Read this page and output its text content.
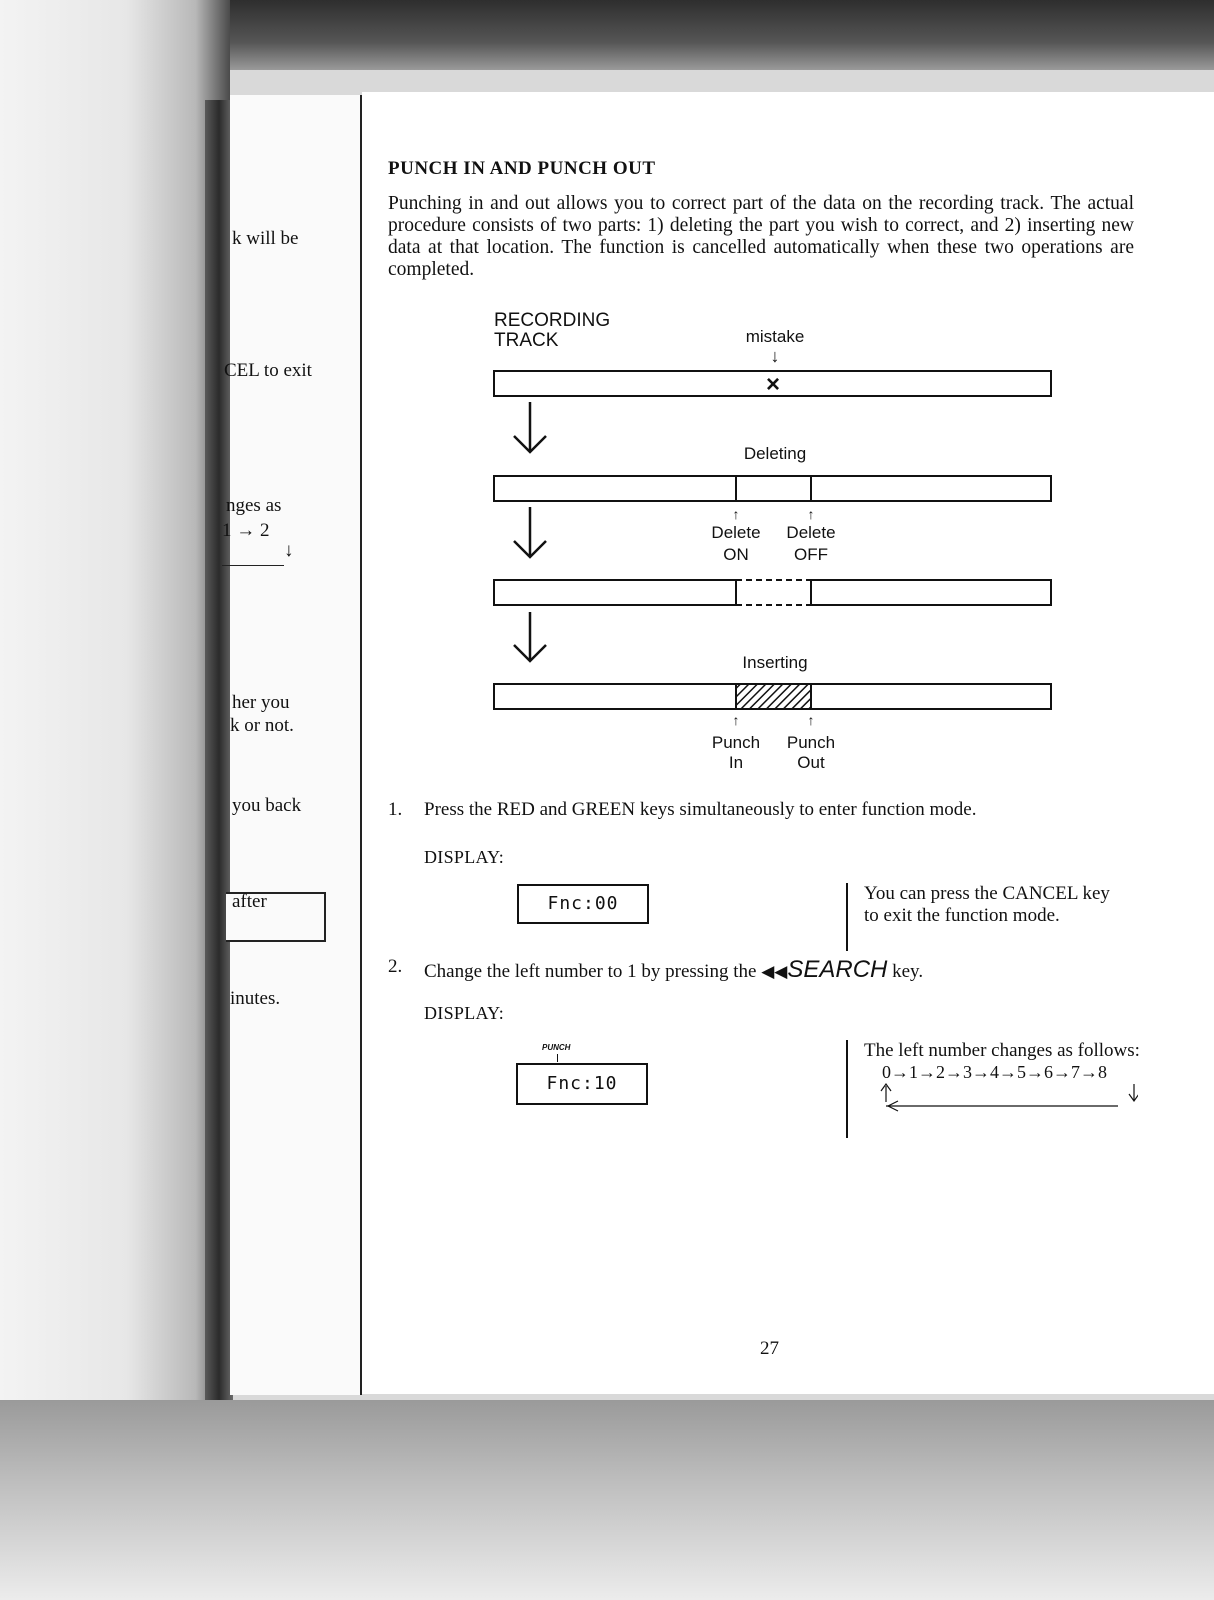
k will be
CEL to exit
nges as
1 → 2
↓
her you
k or not.
you back
after
inutes.
PUNCH IN AND PUNCH OUT
Punching in and out allows you to correct part of the data on the recording track. The actual procedure consists of two parts: 1) deleting the part you wish to correct, and 2) inserting new data at that location. The function is cancelled automatically when these two operations are completed.
RECORDING
TRACK	mistake
↓
×
Deleting
↑	↑
Delete
ON
Delete
OFF
Inserting
↑	↑
Punch
In
Punch
Out
1. Press the RED and GREEN keys simultaneously to enter function mode.
DISPLAY:
Fnc:00	You can press the CANCEL key
to exit the function mode.
2. Change the left number to 1 by pressing the ◀◀SEARCH key.
DISPLAY:
PUNCH
Fnc:10
The left number changes as follows:
0→1→2→3→4→5→6→7→8
27
